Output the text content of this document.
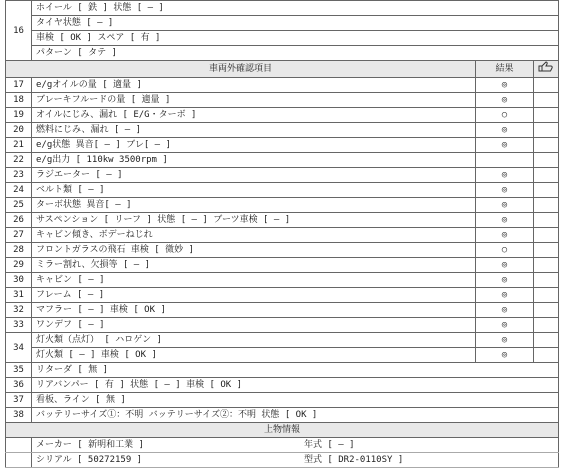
16	ホイール [ 鉄 ] 状態 [ — ]		
	タイヤ状態 [ — ]		
	車検 [ OK ] スペア [ 有 ]		
	パターン [ タテ ]		
車両外確認項目		結果	
17	e/gオイルの量 [ 適量 ]	◎	
18	ブレーキフルードの量 [ 適量 ]	◎	
19	オイルにじみ、漏れ [ E/G・ターボ ]	○	
20	燃料にじみ、漏れ [ — ]	◎	
21	e/g状態 異音[ — ] ブレ[ — ]	◎	
22	e/g出力 [ 110kw 3500rpm ]		
23	ラジエーター [ — ]	◎	
24	ベルト類 [ — ]	◎	
25	ターボ状態 異音[ — ]	◎	
26	サスペンション [ リーフ ] 状態 [ — ] ブーツ車検 [ — ]	◎	
27	キャビン傾き、ボデーねじれ	◎	
28	フロントガラスの飛石 車検 [ 微妙 ]	○	
29	ミラー割れ、欠損等 [ — ]	◎	
30	キャビン [ — ]	◎	
31	フレーム [ — ]	◎	
32	マフラー [ — ] 車検 [ OK ]	◎	
33	ワンデフ [ — ]	◎	
34	灯火類（点灯） [ ハロゲン ]	◎	
	灯火類 [ — ] 車検 [ OK ]	◎	
35	リターダ [ 無 ]		
36	リアバンパー [ 有 ] 状態 [ — ] 車検 [ OK ]		
37	看板、ライン [ 無 ]		
38	バッテリーサイズ①：不明 バッテリーサイズ②：不明 状態 [ OK ]		
上物情報			
	メーカー [ 新明和工業 ] 年式 [ — ]		
	シリアル [ 50272159 ] 型式 [ DR2-0110SY ]		
